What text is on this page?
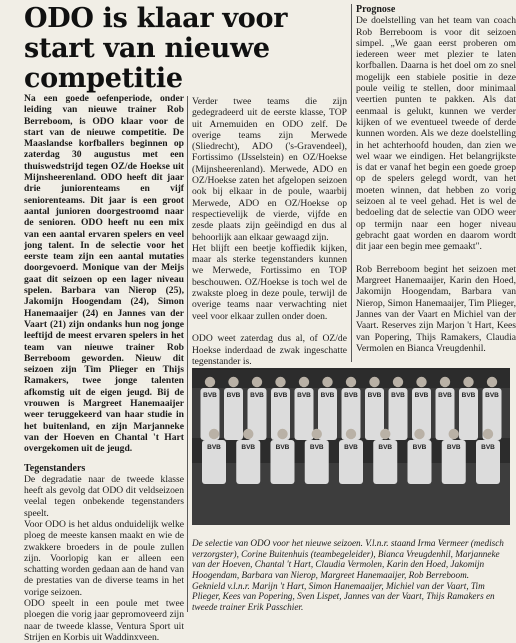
ODO is klaar voor start van nieuwe competitie

Na een goede oefenperiode, onder leiding van nieuwe trainer Rob Berreboom, is ODO klaar voor de start van de nieuwe competitie. De Maaslandse korfballers beginnen op zaterdag 30 augustus met een thuiswedstrijd tegen OZ/de Hoekse uit Mijnsheerenland. ODO heeft dit jaar drie juniorenteams en vijf seniorenteams. Dit jaar is een groot aantal junioren doorgestroomd naar de senioren. ODO heeft nu een mix van een aantal ervaren spelers en veel jong talent. In de selectie voor het eerste team zijn een aantal mutaties doorgevoerd. Monique van der Meijs gaat dit seizoen op een lager niveau spelen. Barbara van Nierop (25), Jakomijn Hoogendam (24), Simon Hanemaaijer (24) en Jannes van der Vaart (21) zijn ondanks hun nog jonge leeftijd de meest ervaren spelers in het team van nieuwe trainer Rob Berreboom geworden. Nieuw dit seizoen zijn Tim Plieger en Thijs Ramakers, twee jonge talenten afkomstig uit de eigen jeugd. Bij de vrouwen is Margreet Hanemaaijer weer teruggekeerd van haar studie in het buitenland, en zijn Marjanneke van der Hoeven en Chantal 't Hart overgekomen uit de jeugd.

Tegenstanders

De degradatie naar de tweede klasse heeft als gevolg dat ODO dit veldseizoen veelal tegen onbekende tegenstanders speelt.
Voor ODO is het aldus onduidelijk welke ploeg de meeste kansen maakt en wie de zwakkere broeders in de poule zullen zijn. Voorlopig kan er alleen een schatting worden gedaan aan de hand van de prestaties van de diverse teams in het vorige seizoen.
ODO speelt in een poule met twee ploegen die vorig jaar gepromoveerd zijn naar de tweede klasse, Ventura Sport uit Strijen en Korbis uit Waddinxveen.

Verder twee teams die zijn gedegradeerd uit de eerste klasse, TOP uit Arnemuiden en ODO zelf. De overige teams zijn Merwede (Sliedrecht), ADO ('s-Gravendeel), Fortissimo (IJsselstein) en OZ/Hoekse (Mijnsheerenland). Merwede, ADO en OZ/Hoekse zaten het afgelopen seizoen ook bij elkaar in de poule, waarbij Merwede, ADO en OZ/Hoekse op respectievelijk de vierde, vijfde en zesde plaats zijn geëindigd en dus al behoorlijk aan elkaar gewaagd zijn.
Het blijft een beetje koffiedik kijken, maar als sterke tegenstanders kunnen we Merwede, Fortissimo en TOP beschouwen. OZ/Hoekse is toch wel de zwakste ploeg in deze poule, terwijl de overige teams naar verwachting niet veel voor elkaar zullen onder doen.

ODO weet zaterdag dus al, of OZ/de Hoekse inderdaad de zwak ingeschatte tegenstander is.

Prognose

De doelstelling van het team van coach Rob Berreboom is voor dit seizoen simpel. „We gaan eerst proberen om iedereen weer met plezier te laten korfballen. Daarna is het doel om zo snel mogelijk een stabiele positie in deze poule veilig te stellen, door minimaal veertien punten te pakken. Als dat eenmaal is gelukt, kunnen we verder kijken of we eventueel tweede of derde kunnen worden. Als we deze doelstelling in het achterhoofd houden, dan zien we wel waar we eindigen. Het belangrijkste is dat er vanaf het begin een goede groep op de spelers gelegd wordt, van het moeten winnen, dat hebben zo vorig seizoen al te veel gehad. Het is wel de bedoeling dat de selectie van ODO weer op termijn naar een hoger niveau gebracht gaat worden en daarom wordt dit jaar een begin mee gemaakt".

Rob Berreboom begint het seizoen met Margreet Hanemaaijer, Karin den Hoed, Jakomijn Hoogendam, Barbara van Nierop, Simon Hanemaaijer, Tim Plieger, Jannes van der Vaart en Michiel van der Vaart. Reserves zijn Marjon 't Hart, Kees van Popering, Thijs Ramakers, Claudia Vermolen en Bianca Vreugdenhil.

BVB BVB BVB BVB BVB BVB BVB BVB BVB BVB BVB BVB BVB
BVB	BVB	BVB	BVB	BVB	BVB	BVB	BVB	BVB

De selectie van ODO voor het nieuwe seizoen. V.l.n.r. staand Irma Vermeer (medisch verzorgster), Corine Buitenhuis (teambegeleider), Bianca Vreugdenhil, Marjanneke van der Hoeven, Chantal 't Hart, Claudia Vermolen, Karin den Hoed, Jakomijn Hoogendam, Barbara van Nierop, Margreet Hanemaaijer, Rob Berreboom.
Geknield v.l.n.r. Marijn 't Hart, Simon Hanemaaijer, Michiel van der Vaart, Tim Plieger, Kees van Popering, Sven Lispet, Jannes van der Vaart, Thijs Ramakers en tweede trainer Erik Passchier.
